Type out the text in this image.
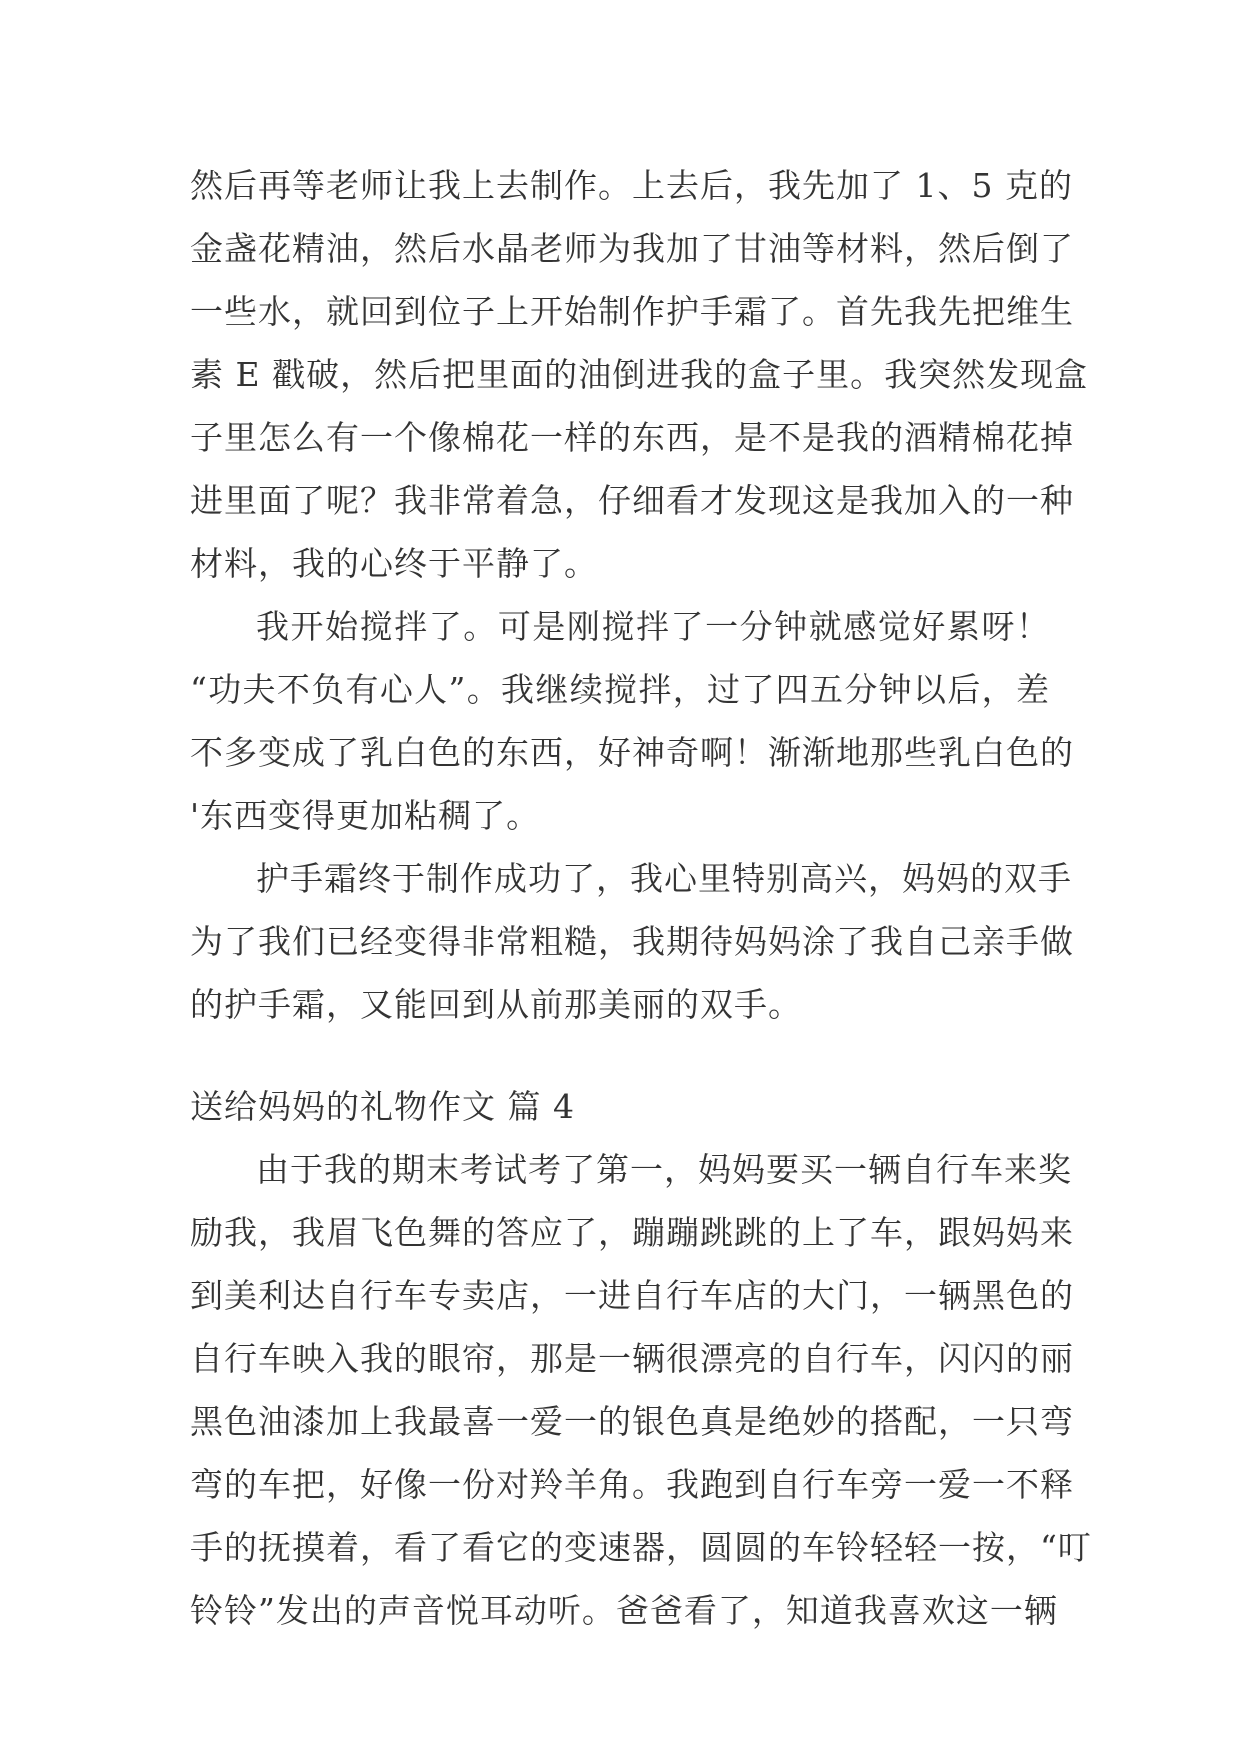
然后再等老师让我上去制作。上去后，我先加了 1、5 克的
金盏花精油，然后水晶老师为我加了甘油等材料，然后倒了
一些水，就回到位子上开始制作护手霜了。首先我先把维生
素 E 戳破，然后把里面的油倒进我的盒子里。我突然发现盒
子里怎么有一个像棉花一样的东西，是不是我的酒精棉花掉
进里面了呢？我非常着急，仔细看才发现这是我加入的一种
材料，我的心终于平静了。
我开始搅拌了。可是刚搅拌了一分钟就感觉好累呀！
“功夫不负有心人”。我继续搅拌，过了四五分钟以后，差
不多变成了乳白色的东西，好神奇啊！渐渐地那些乳白色的
'东西变得更加粘稠了。
护手霜终于制作成功了，我心里特别高兴，妈妈的双手
为了我们已经变得非常粗糙，我期待妈妈涂了我自己亲手做
的护手霜，又能回到从前那美丽的双手。
送给妈妈的礼物作文 篇 4
由于我的期末考试考了第一，妈妈要买一辆自行车来奖
励我，我眉飞色舞的答应了，蹦蹦跳跳的上了车，跟妈妈来
到美利达自行车专卖店，一进自行车店的大门，一辆黑色的
自行车映入我的眼帘，那是一辆很漂亮的自行车，闪闪的丽
黑色油漆加上我最喜一爱一的银色真是绝妙的搭配，一只弯
弯的车把，好像一份对羚羊角。我跑到自行车旁一爱一不释
手的抚摸着，看了看它的变速器，圆圆的车铃轻轻一按，“叮
铃铃”发出的声音悦耳动听。爸爸看了，知道我喜欢这一辆
